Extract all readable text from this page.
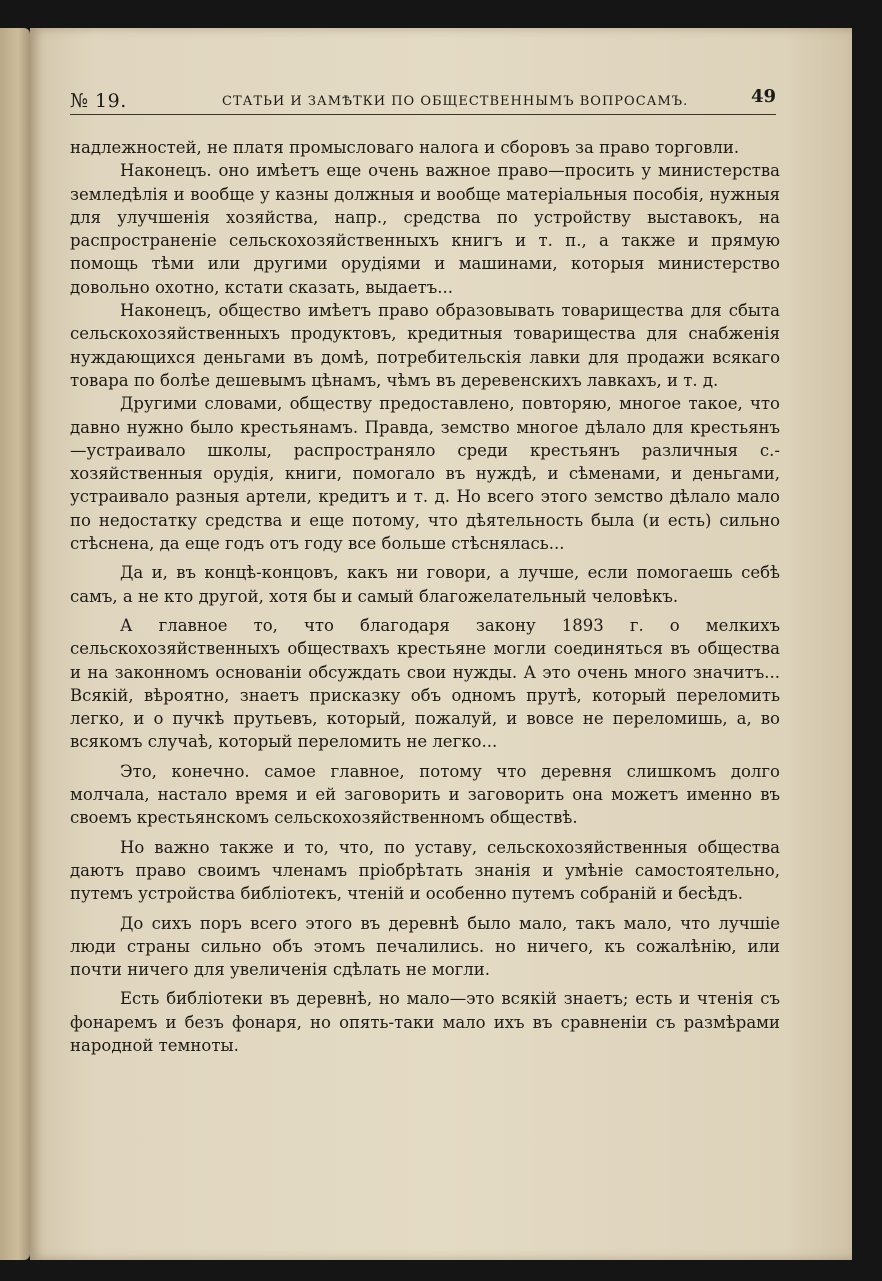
№ 19.	СТАТЬИ И ЗАМѢТКИ ПО ОБЩЕСТВЕННЫМЪ ВОПРОСАМЪ.	49

надлежностей, не платя промысловаго налога и сборовъ за право торговли.

Наконецъ. оно имѣетъ еще очень важное право—просить у министерства земледѣлія и вообще у казны должныя и вообще матеріальныя пособія, нужныя для улучшенія хозяйства, напр., средства по устройству выставокъ, на распространеніе сельскохозяйственныхъ книгъ и т. п., а также и прямую помощь тѣми или другими орудіями и машинами, которыя министерство довольно охотно, кстати сказать, выдаетъ...

Наконецъ, общество имѣетъ право образовывать товарищества для сбыта сельскохозяйственныхъ продуктовъ, кредитныя товарищества для снабженія нуждающихся деньгами въ домѣ, потребительскія лавки для продажи всякаго товара по болѣе дешевымъ цѣнамъ, чѣмъ въ деревенскихъ лавкахъ, и т. д.

Другими словами, обществу предоставлено, повторяю, многое такое, что давно нужно было крестьянамъ. Правда, земство многое дѣлало для крестьянъ—устраивало школы, распространяло среди крестьянъ различныя с.-хозяйственныя орудія, книги, помогало въ нуждѣ, и сѣменами, и деньгами, устраивало разныя артели, кредитъ и т. д. Но всего этого земство дѣлало мало по недостатку средства и еще потому, что дѣятельность была (и есть) сильно стѣснена, да еще годъ отъ году все больше стѣснялась...

Да и, въ концѣ-концовъ, какъ ни говори, а лучше, если помогаешь себѣ самъ, а не кто другой, хотя бы и самый благожелательный человѣкъ.

А главное то, что благодаря закону 1893 г. о мелкихъ сельскохозяйственныхъ обществахъ крестьяне могли соединяться въ общества и на законномъ основаніи обсуждать свои нужды. А это очень много значитъ... Всякій, вѣроятно, знаетъ присказку объ одномъ прутѣ, который переломить легко, и о пучкѣ прутьевъ, который, пожалуй, и вовсе не переломишь, а, во всякомъ случаѣ, который переломить не легко...

Это, конечно. самое главное, потому что деревня слишкомъ долго молчала, настало время и ей заговорить и заговорить она можетъ именно въ своемъ крестьянскомъ сельскохозяйственномъ обществѣ.

Но важно также и то, что, по уставу, сельскохозяйственныя общества даютъ право своимъ членамъ пріобрѣтать знанія и умѣніе самостоятельно, путемъ устройства библіотекъ, чтеній и особенно путемъ собраній и бесѣдъ.

До сихъ поръ всего этого въ деревнѣ было мало, такъ мало, что лучшіе люди страны сильно объ этомъ печалились. но ничего, къ сожалѣнію, или почти ничего для увеличенія сдѣлать не могли.

Есть библіотеки въ деревнѣ, но мало—это всякій знаетъ; есть и чтенія съ фонаремъ и безъ фонаря, но опять-таки мало ихъ въ сравненіи съ размѣрами народной темноты.
